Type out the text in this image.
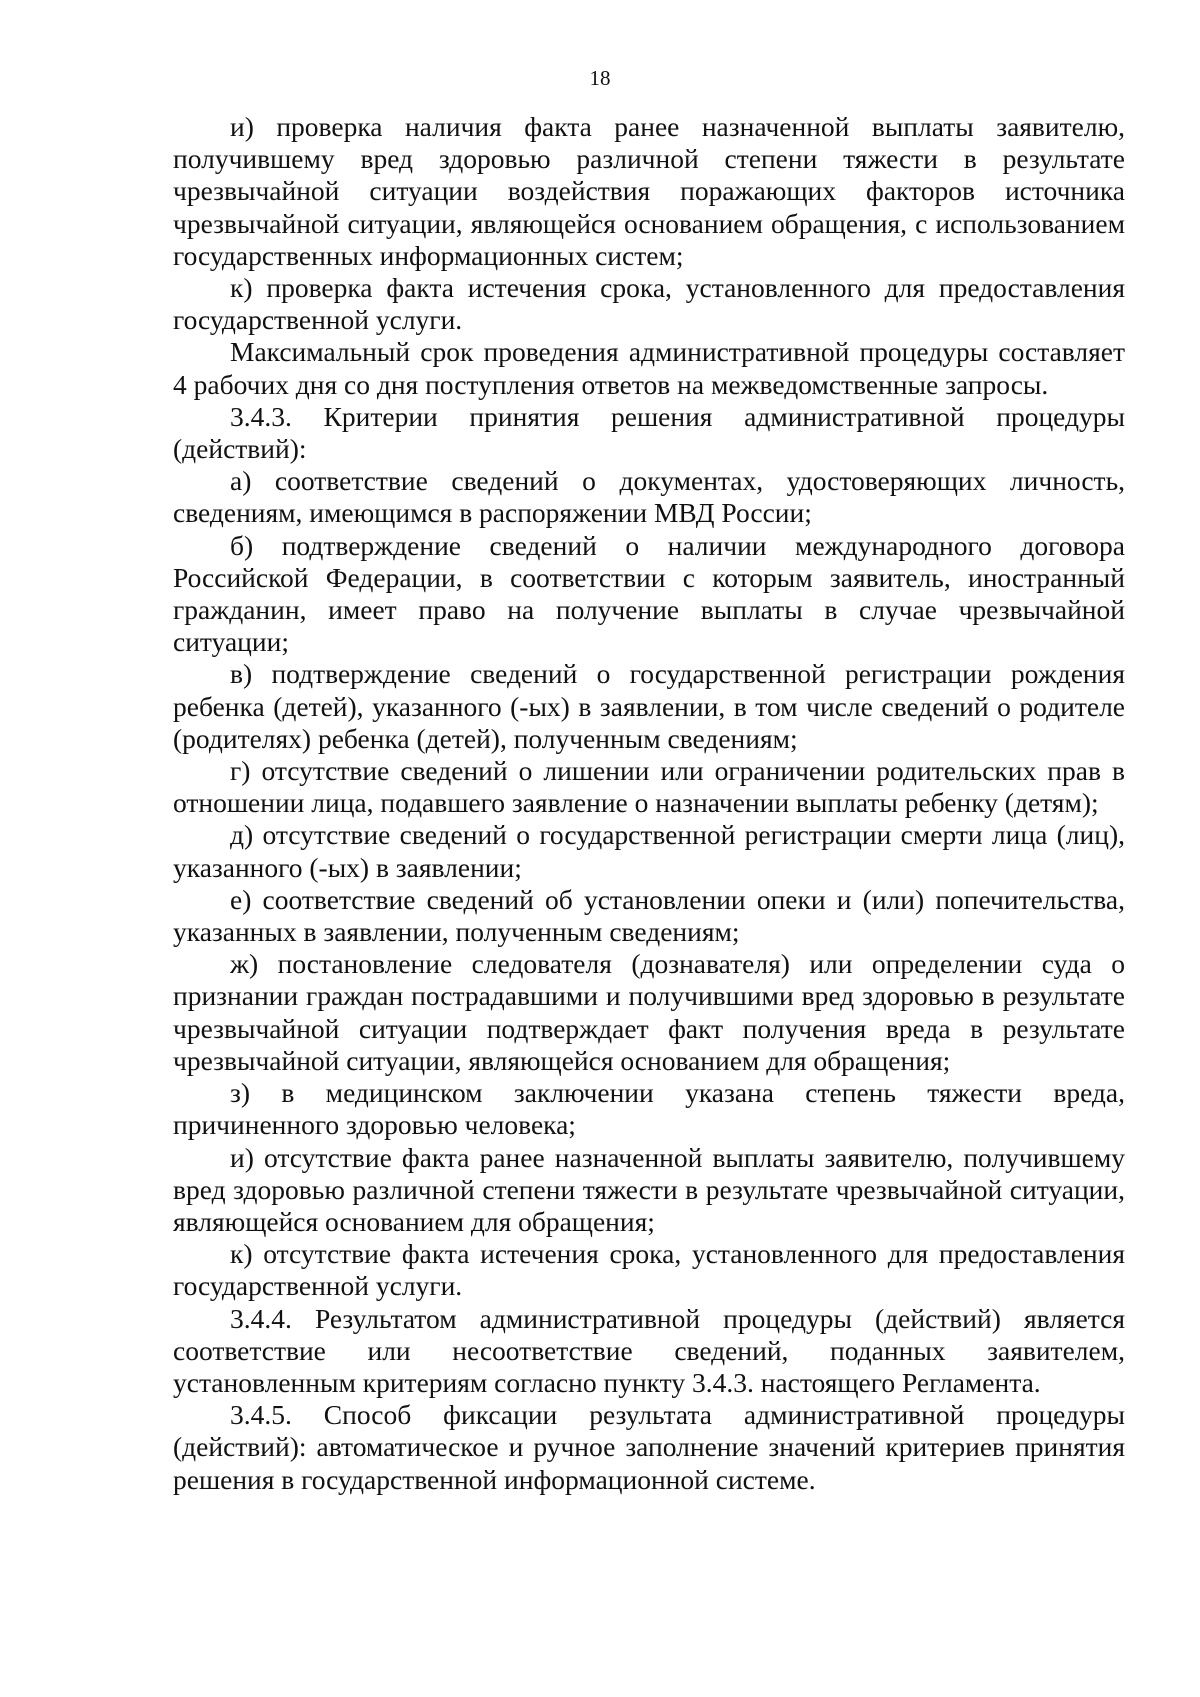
18

и) проверка наличия факта ранее назначенной выплаты заявителю, получившему вред здоровью различной степени тяжести в результате чрезвычайной ситуации воздействия поражающих факторов источника чрезвычайной ситуации, являющейся основанием обращения, с использованием государственных информационных систем;

к) проверка факта истечения срока, установленного для предоставления государственной услуги.

Максимальный срок проведения административной процедуры составляет 4 рабочих дня со дня поступления ответов на межведомственные запросы.

3.4.3. Критерии принятия решения административной процедуры (действий):

а) соответствие сведений о документах, удостоверяющих личность, сведениям, имеющимся в распоряжении МВД России;

б) подтверждение сведений о наличии международного договора Российской Федерации, в соответствии с которым заявитель, иностранный гражданин, имеет право на получение выплаты в случае чрезвычайной ситуации;

в) подтверждение сведений о государственной регистрации рождения ребенка (детей), указанного (-ых) в заявлении, в том числе сведений о родителе (родителях) ребенка (детей), полученным сведениям;

г) отсутствие сведений о лишении или ограничении родительских прав в отношении лица, подавшего заявление о назначении выплаты ребенку (детям);

д) отсутствие сведений о государственной регистрации смерти лица (лиц), указанного (-ых) в заявлении;

е) соответствие сведений об установлении опеки и (или) попечительства, указанных в заявлении, полученным сведениям;

ж) постановление следователя (дознавателя) или определении суда о признании граждан пострадавшими и получившими вред здоровью в результате чрезвычайной ситуации подтверждает факт получения вреда в результате чрезвычайной ситуации, являющейся основанием для обращения;

з) в медицинском заключении указана степень тяжести вреда, причиненного здоровью человека;

и) отсутствие факта ранее назначенной выплаты заявителю, получившему вред здоровью различной степени тяжести в результате чрезвычайной ситуации, являющейся основанием для обращения;

к) отсутствие факта истечения срока, установленного для предоставления государственной услуги.

3.4.4. Результатом административной процедуры (действий) является соответствие или несоответствие сведений, поданных заявителем, установленным критериям согласно пункту 3.4.3. настоящего Регламента.

3.4.5. Способ фиксации результата административной процедуры (действий): автоматическое и ручное заполнение значений критериев принятия решения в государственной информационной системе.
